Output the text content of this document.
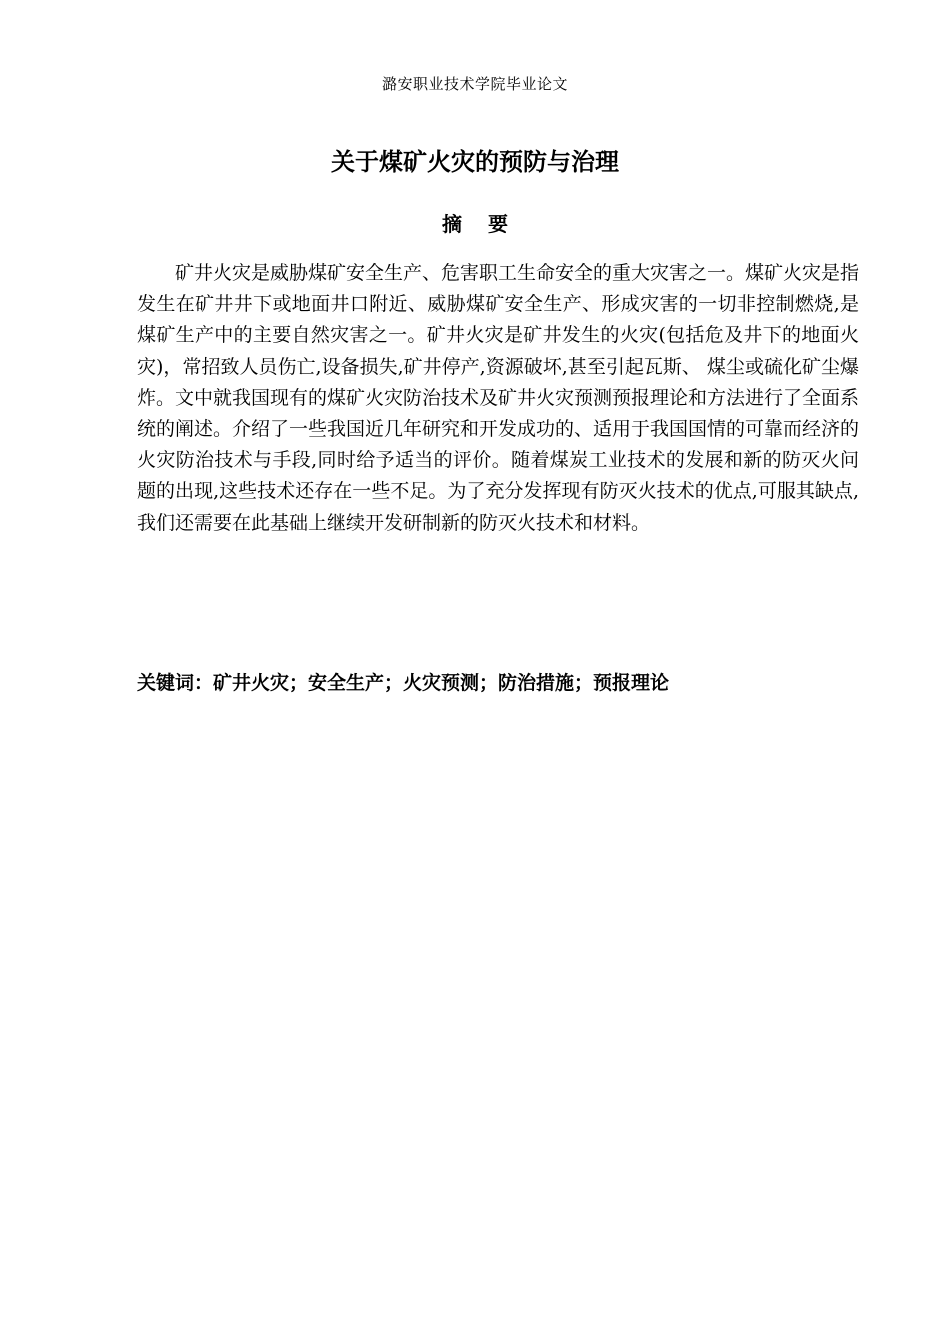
潞安职业技术学院毕业论文
关于煤矿火灾的预防与治理
摘 要

矿井火灾是威胁煤矿安全生产、危害职工生命安全的重大灾害之一。煤矿火灾是指发生在矿井井下或地面井口附近、威胁煤矿安全生产、形成灾害的一切非控制燃烧,是煤矿生产中的主要自然灾害之一。矿井火灾是矿井发生的火灾(包括危及井下的地面火灾)，常招致人员伤亡,设备损失,矿井停产,资源破坏,甚至引起瓦斯、 煤尘或硫化矿尘爆炸。文中就我国现有的煤矿火灾防治技术及矿井火灾预测预报理论和方法进行了全面系统的阐述。介绍了一些我国近几年研究和开发成功的、适用于我国国情的可靠而经济的火灾防治技术与手段,同时给予适当的评价。随着煤炭工业技术的发展和新的防灭火问题的出现,这些技术还存在一些不足。为了充分发挥现有防灭火技术的优点,可服其缺点,我们还需要在此基础上继续开发研制新的防灭火技术和材料。

关键词：矿井火灾；安全生产；火灾预测；防治措施；预报理论
